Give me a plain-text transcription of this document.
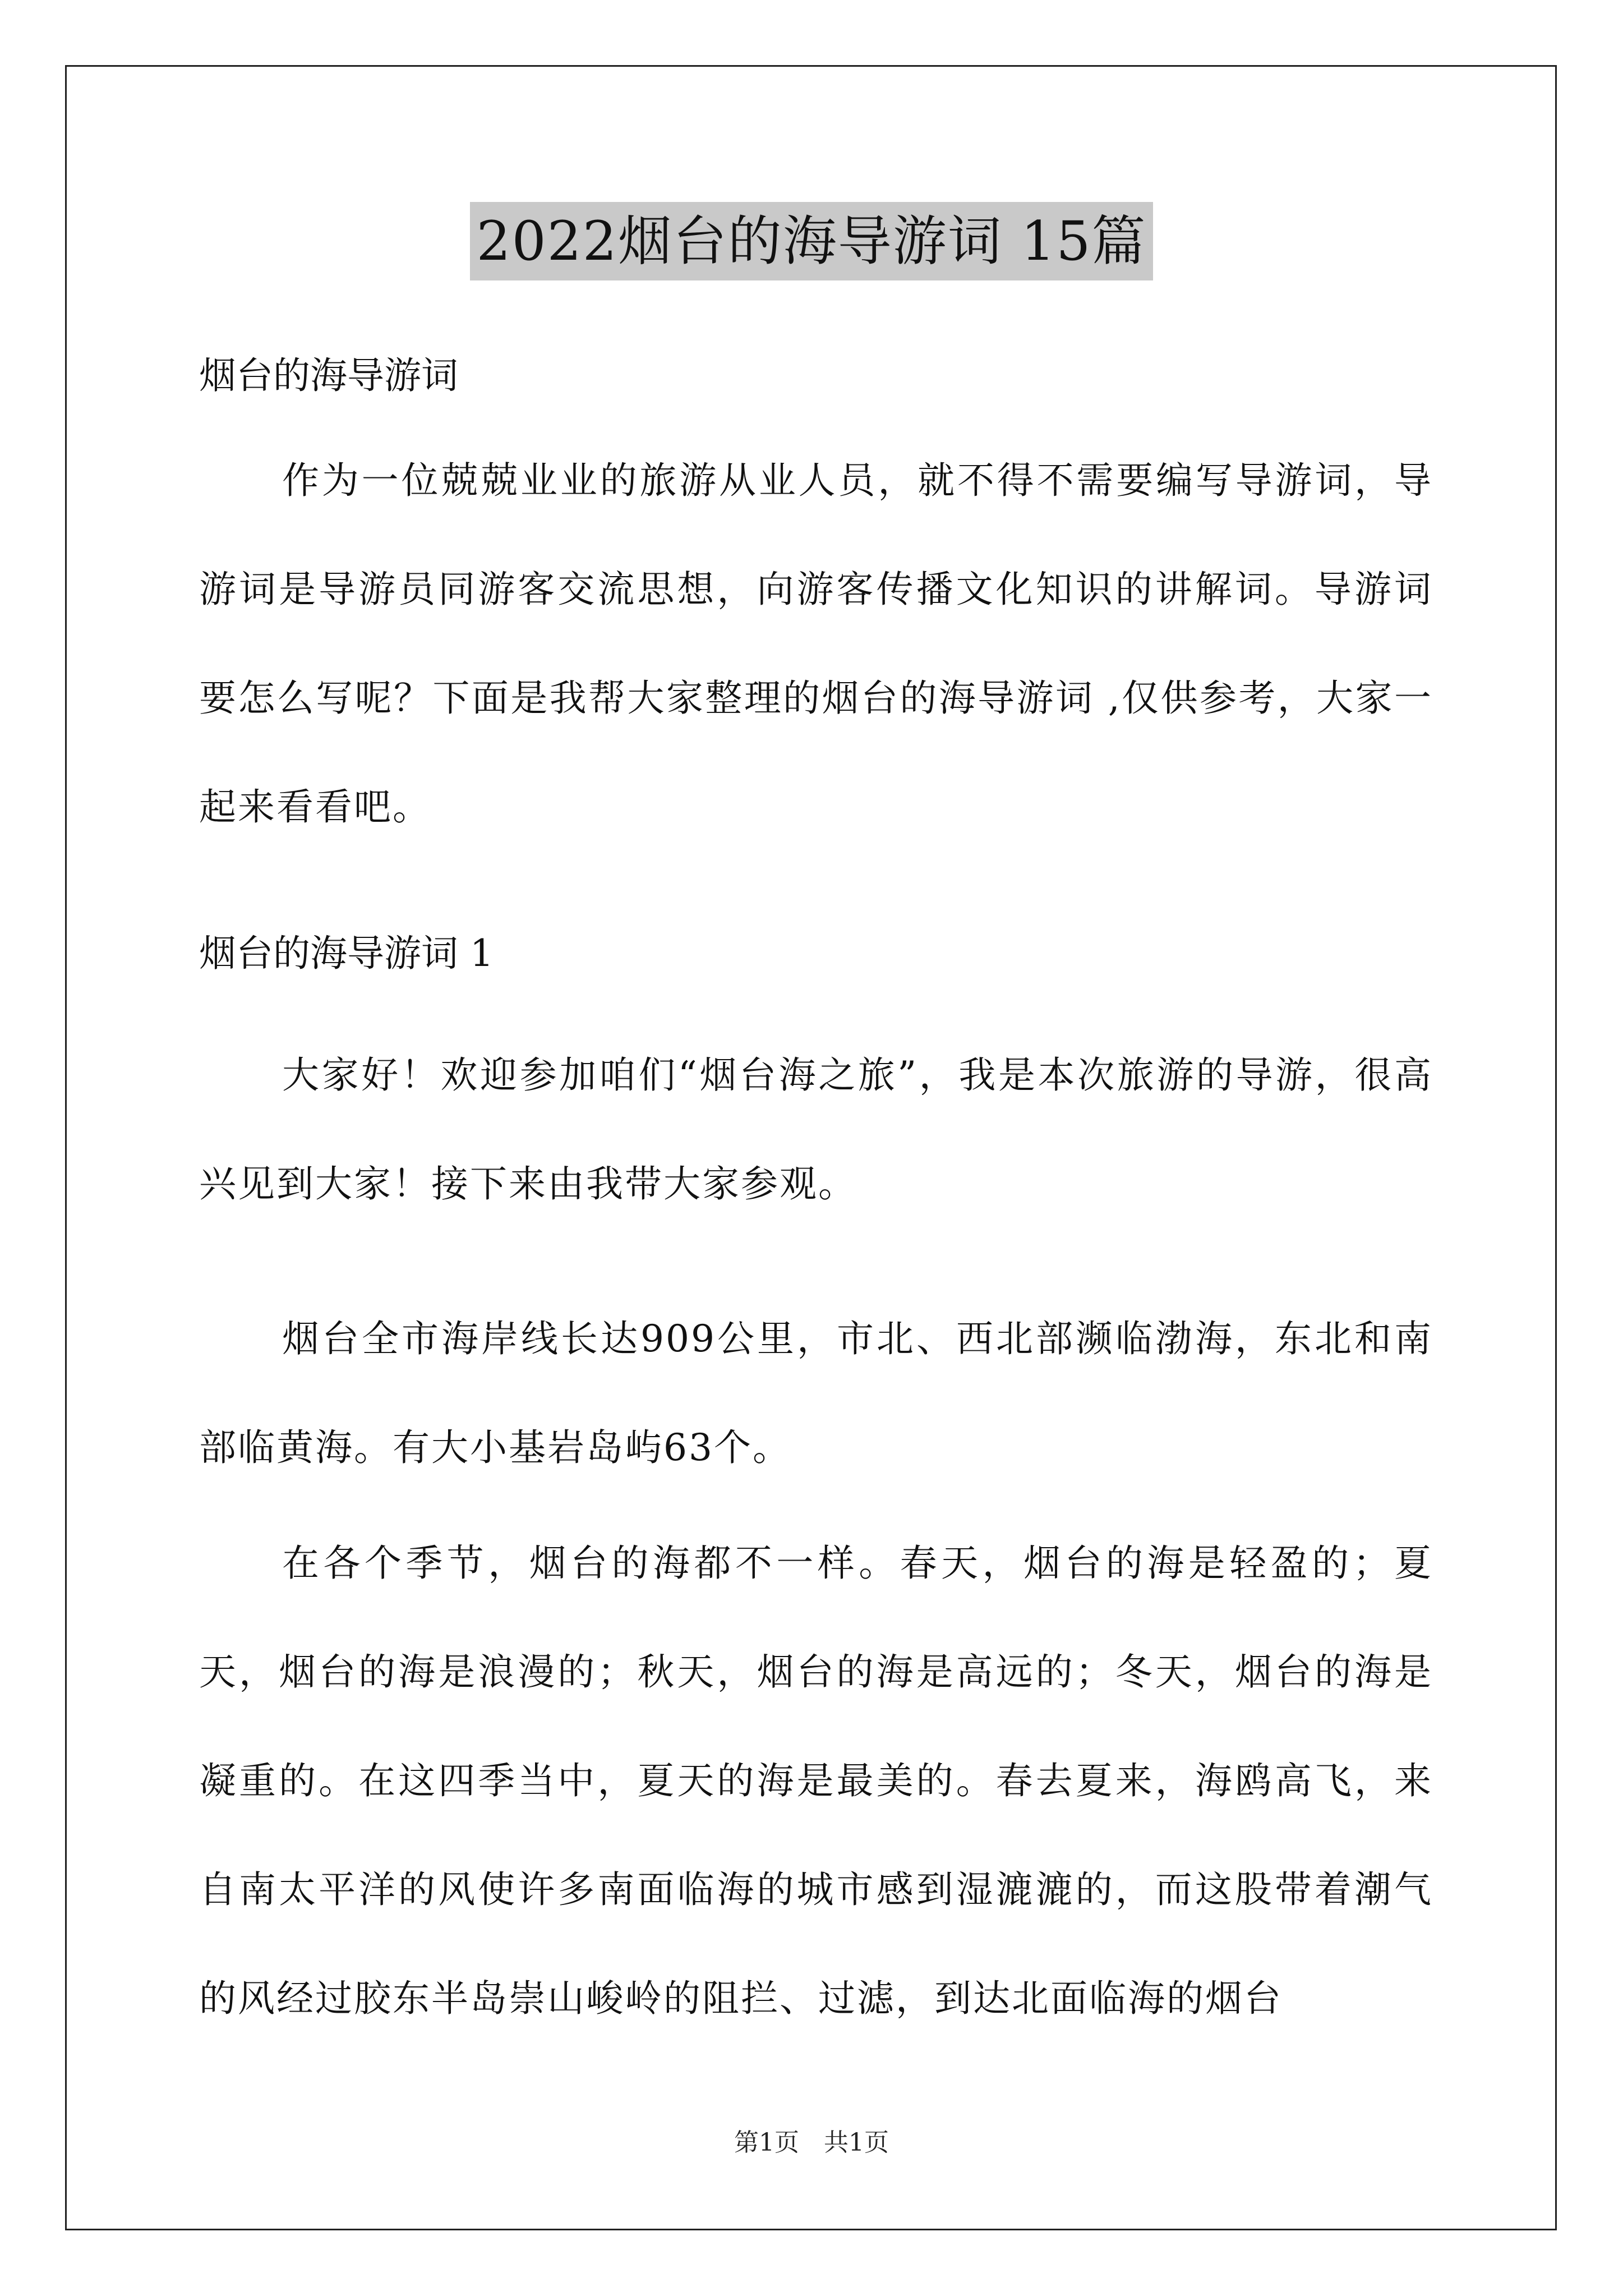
2022烟台的海导游词 15篇
烟台的海导游词
作为一位兢兢业业的旅游从业人员，就不得不需要编写导游词，导游词是导游员同游客交流思想，向游客传播文化知识的讲解词。导游词要怎么写呢？下面是我帮大家整理的烟台的海导游词 ,仅供参考，大家一起来看看吧。
烟台的海导游词 1
大家好！欢迎参加咱们“烟台海之旅”，我是本次旅游的导游，很高兴见到大家！接下来由我带大家参观。
烟台全市海岸线长达909公里，市北、西北部濒临渤海，东北和南部临黄海。有大小基岩岛屿63个。
在各个季节，烟台的海都不一样。春天，烟台的海是轻盈的；夏天，烟台的海是浪漫的；秋天，烟台的海是高远的；冬天，烟台的海是凝重的。在这四季当中，夏天的海是最美的。春去夏来，海鸥高飞，来自南太平洋的风使许多南面临海的城市感到湿漉漉的，而这股带着潮气的风经过胶东半岛崇山峻岭的阻拦、过滤，到达北面临海的烟台
第1页　共1页
